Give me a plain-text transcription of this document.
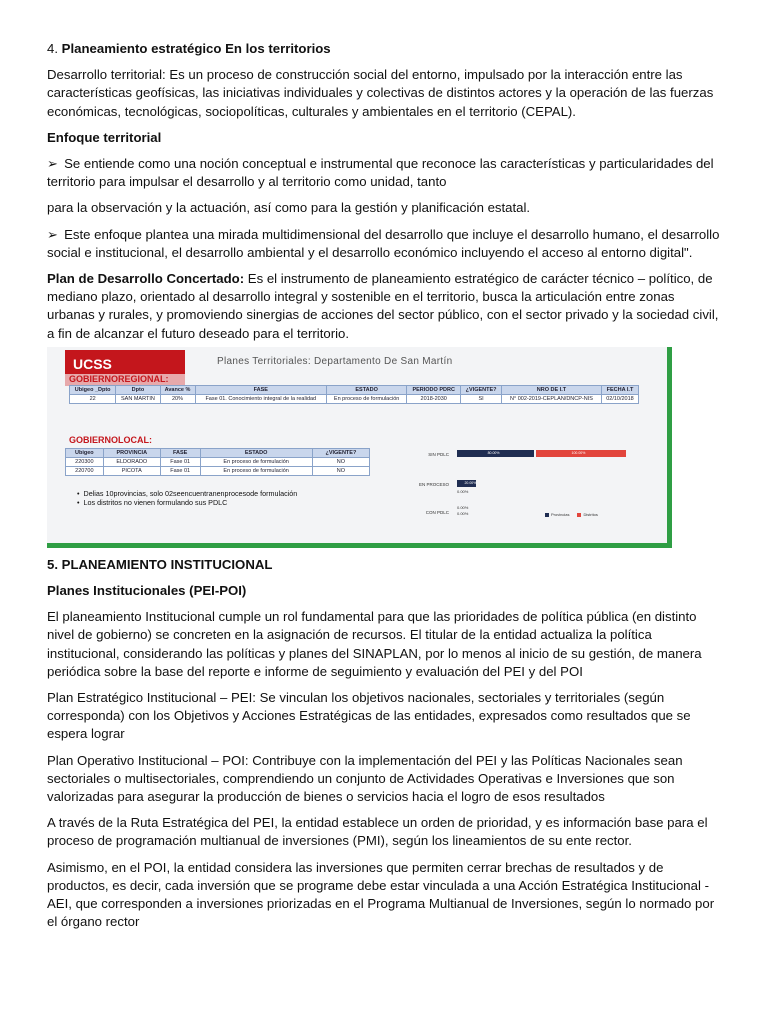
4. Planeamiento estratégico En los territorios

Desarrollo territorial: Es un proceso de construcción social del entorno, impulsado por la interacción entre las características geofísicas, las iniciativas individuales y colectivas de distintos actores y la operación de las fuerzas económicas, tecnológicas, sociopolíticas, culturales y ambientales en el territorio (CEPAL).

Enfoque territorial

➢ Se entiende como una noción conceptual e instrumental que reconoce las características y particularidades del territorio para impulsar el desarrollo y al territorio como unidad, tanto

para la observación y la actuación, así como para la gestión y planificación estatal.

➢ Este enfoque plantea una mirada multidimensional del desarrollo que incluye el desarrollo humano, el desarrollo social e institucional, el desarrollo ambiental y el desarrollo económico incluyendo el acceso al entorno digital".

Plan de Desarrollo Concertado: Es el instrumento de planeamiento estratégico de carácter técnico – político, de mediano plazo, orientado al desarrollo integral y sostenible en el territorio, busca la articulación entre zonas urbanas y rurales, y promoviendo sinergias de acciones del sector público, con el sector privado y la sociedad civil, a fin de alcanzar el futuro deseado para el territorio.

UCSS	Planes Territoriales: Departamento De San Martín
GOBIERNOREGIONAL:
Ubigeo _Dpto	Dpto	Avance %	FASE	ESTADO	PERIODO PDRC	¿VIGENTE?	NRO DE I.T	FECHA I.T
22	SAN MARTIN	20%	Fase 01. Conocimiento integral de la realidad	En proceso de formulación	2018-2030	SI	N° 002-2019-CEPLAN/DNCP-NIS	02/10/2018
GOBIERNOLOCAL:
Ubigeo	PROVINCIA	FASE	ESTADO	¿VIGENTE?
220300	ELDORADO	Fase 01	En proceso de formulación	NO
220700	PICOTA	Fase 01	En proceso de formulación	NO
•  Delias 10provincias, solo 02seencuentranenprocesode formulación
•  Los distritos no vienen formulando sus PDLC
SIN PDLC	80.00%	100.00%
EN PROCESO	20.00%
0.00%
CON PDLC
0.00%
0.00%	Provincias	Distritos

5. PLANEAMIENTO INSTITUCIONAL

Planes Institucionales (PEI-POI)

El planeamiento Institucional cumple un rol fundamental para que las prioridades de política pública (en distinto nivel de gobierno) se concreten en la asignación de recursos. El titular de la entidad actualiza la política institucional, considerando las políticas y planes del SINAPLAN, por lo menos al inicio de su gestión, de manera periódica sobre la base del reporte e informe de seguimiento y evaluación del PEI y del POI

Plan Estratégico Institucional – PEI: Se vinculan los objetivos nacionales, sectoriales y territoriales (según corresponda) con los Objetivos y Acciones Estratégicas de las entidades, expresados como resultados que se espera lograr

Plan Operativo Institucional – POI: Contribuye con la implementación del PEI y las Políticas Nacionales sean sectoriales o multisectoriales, comprendiendo un conjunto de Actividades Operativas e Inversiones que son valorizadas para asegurar la producción de bienes o servicios hacia el logro de esos resultados

A través de la Ruta Estratégica del PEI, la entidad establece un orden de prioridad, y es información base para el proceso de programación multianual de inversiones (PMI), según los lineamientos de su ente rector.

Asimismo, en el POI, la entidad considera las inversiones que permiten cerrar brechas de resultados y de productos, es decir, cada inversión que se programe debe estar vinculada a una Acción Estratégica Institucional - AEI, que corresponden a inversiones priorizadas en el Programa Multianual de Inversiones, según lo normado por el órgano rector
